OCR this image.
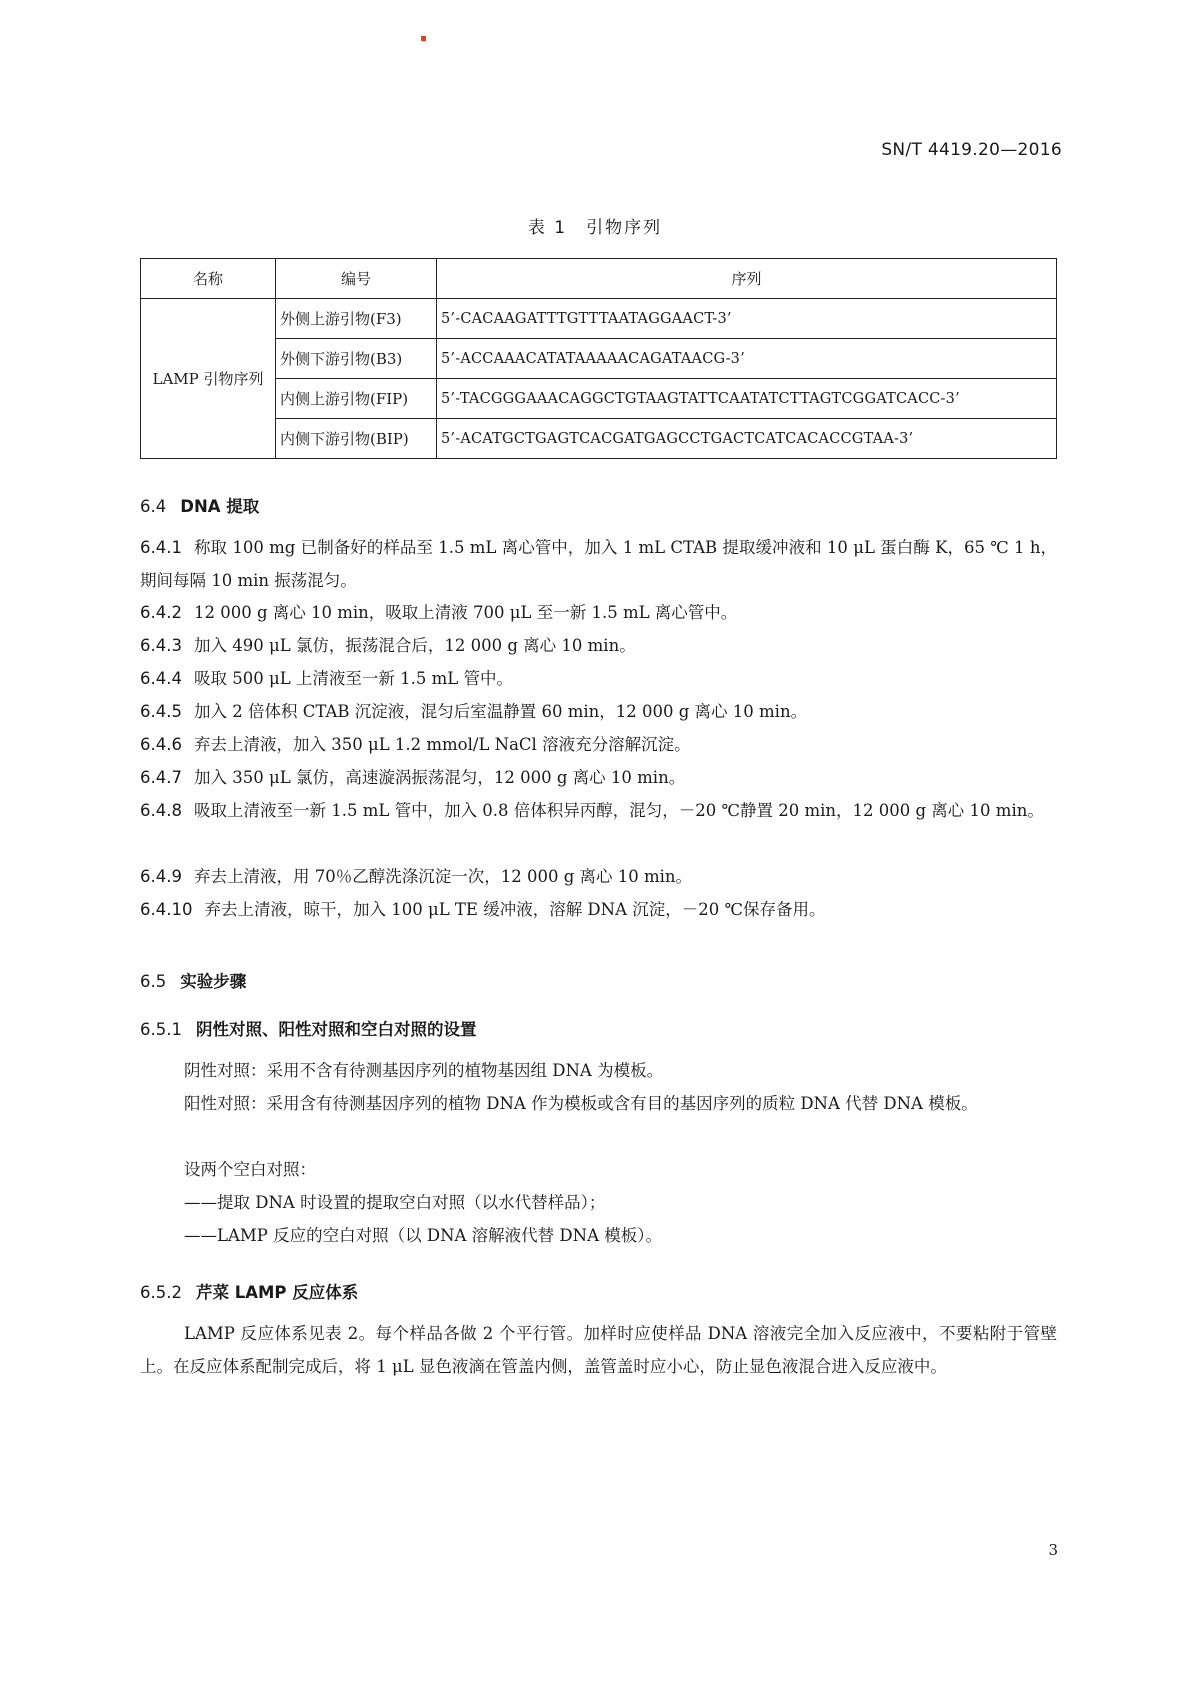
SN/T 4419.20—2016
表 1　引物序列
名称	编号	序列
LAMP 引物序列	外侧上游引物(F3)	5’-CACAAGATTTGTTTAATAGGAACT-3’
	外侧下游引物(B3)	5’-ACCAAACATATAAAAACAGATAACG-3’
	内侧上游引物(FIP)	5’-TACGGGAAACAGGCTGTAAGTATTCAATATCTTAGTCGGATCACC-3’
	内侧下游引物(BIP)	5’-ACATGCTGAGTCACGATGAGCCTGACTCATCACACCGTAA-3’
6.4 DNA 提取
6.4.1 称取 100 mg 已制备好的样品至 1.5 mL 离心管中，加入 1 mL CTAB 提取缓冲液和 10 μL 蛋白酶 K，65 ℃ 1 h，期间每隔 10 min 振荡混匀。
6.4.2 12 000 g 离心 10 min，吸取上清液 700 μL 至一新 1.5 mL 离心管中。
6.4.3 加入 490 μL 氯仿，振荡混合后，12 000 g 离心 10 min。
6.4.4 吸取 500 μL 上清液至一新 1.5 mL 管中。
6.4.5 加入 2 倍体积 CTAB 沉淀液，混匀后室温静置 60 min，12 000 g 离心 10 min。
6.4.6 弃去上清液，加入 350 μL 1.2 mmol/L NaCl 溶液充分溶解沉淀。
6.4.7 加入 350 μL 氯仿，高速漩涡振荡混匀，12 000 g 离心 10 min。
6.4.8 吸取上清液至一新 1.5 mL 管中，加入 0.8 倍体积异丙醇，混匀，－20 ℃静置 20 min，12 000 g 离心 10 min。
6.4.9 弃去上清液，用 70％乙醇洗涤沉淀一次，12 000 g 离心 10 min。
6.4.10 弃去上清液，晾干，加入 100 μL TE 缓冲液，溶解 DNA 沉淀，－20 ℃保存备用。
6.5 实验步骤
6.5.1 阴性对照、阳性对照和空白对照的设置
阴性对照：采用不含有待测基因序列的植物基因组 DNA 为模板。
阳性对照：采用含有待测基因序列的植物 DNA 作为模板或含有目的基因序列的质粒 DNA 代替 DNA 模板。
设两个空白对照：
——提取 DNA 时设置的提取空白对照（以水代替样品）；
——LAMP 反应的空白对照（以 DNA 溶解液代替 DNA 模板）。
6.5.2 芹菜 LAMP 反应体系
LAMP 反应体系见表 2。每个样品各做 2 个平行管。加样时应使样品 DNA 溶液完全加入反应液中，不要粘附于管壁上。在反应体系配制完成后，将 1 μL 显色液滴在管盖内侧，盖管盖时应小心，防止显色液混合进入反应液中。
3
